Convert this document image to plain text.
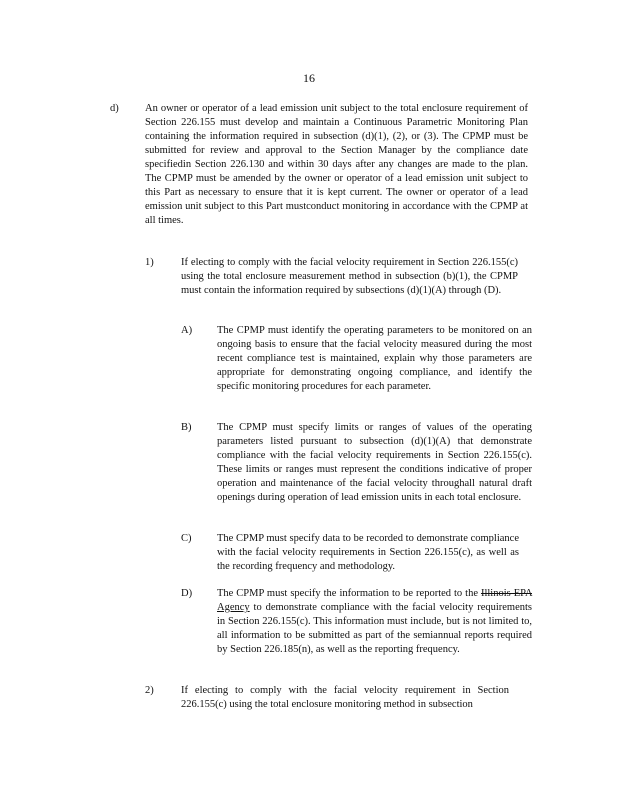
16
d)	An owner or operator of a lead emission unit subject to the total enclosure requirement of Section 226.155 must develop and maintain a Continuous Parametric Monitoring Plan containing the information required in subsection (d)(1), (2), or (3). The CPMP must be submitted for review and approval to the Section Manager by the compliance date specifiedin Section 226.130 and within 30 days after any changes are made to the plan. The CPMP must be amended by the owner or operator of a lead emission unit subject to this Part as necessary to ensure that it is kept current. The owner or operator of a lead emission unit subject to this Part mustconduct monitoring in accordance with the CPMP at all times.
1)	If electing to comply with the facial velocity requirement in Section 226.155(c) using the total enclosure measurement method in subsection (b)(1), the CPMP must contain the information required by subsections (d)(1)(A) through (D).
A) The CPMP must identify the operating parameters to be monitored on an ongoing basis to ensure that the facial velocity measured during the most recent compliance test is maintained, explain why those parameters are appropriate for demonstrating ongoing compliance, and identify the specific monitoring procedures for each parameter.
B) The CPMP must specify limits or ranges of values of the operating parameters listed pursuant to subsection (d)(1)(A) that demonstrate compliance with the facial velocity requirements in Section 226.155(c). These limits or ranges must represent the conditions indicative of proper operation and maintenance of the facial velocity throughall natural draft openings during operation of lead emission units in each total enclosure.
C) The CPMP must specify data to be recorded to demonstrate compliance with the facial velocity requirements in Section 226.155(c), as well as the recording frequency and methodology.
D) The CPMP must specify the information to be reported to the Illinois EPA Agency to demonstrate compliance with the facial velocity requirements in Section 226.155(c). This information must include, but is not limited to, all information to be submitted as part of the semiannual reports required by Section 226.185(n), as well as the reporting frequency.
2)	If electing to comply with the facial velocity requirement in Section 226.155(c) using the total enclosure monitoring method in subsection
